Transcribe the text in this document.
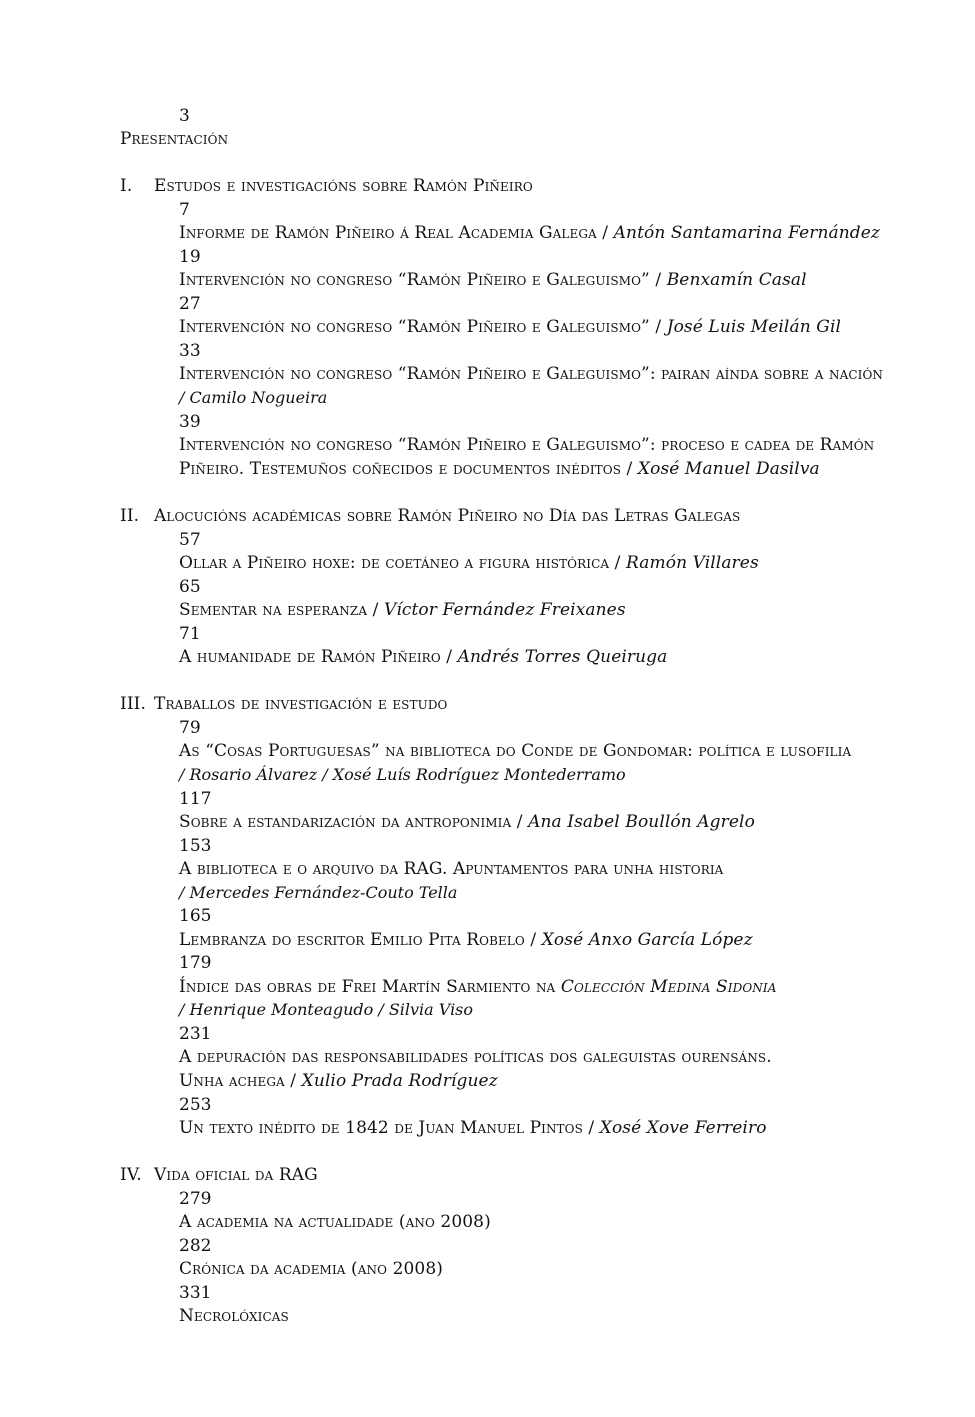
3
Presentación
I. Estudos e investigacións sobre Ramón Piñeiro
7
Informe de Ramón Piñeiro á Real Academia Galega / Antón Santamarina Fernández
19
Intervención no congreso “Ramón Piñeiro e Galeguismo” / Benxamín Casal
27
Intervención no congreso “Ramón Piñeiro e Galeguismo” / José Luis Meilán Gil
33
Intervención no congreso “Ramón Piñeiro e Galeguismo”: pairan aínda sobre a nación
/ Camilo Nogueira
39
Intervención no congreso “Ramón Piñeiro e Galeguismo”: proceso e cadea de Ramón
Piñeiro. Testemuños coñecidos e documentos inéditos / Xosé Manuel Dasilva
II. Alocucións académicas sobre Ramón Piñeiro no Día das Letras Galegas
57
Ollar a Piñeiro hoxe: de coetáneo a figura histórica / Ramón Villares
65
Sementar na esperanza / Víctor Fernández Freixanes
71
A humanidade de Ramón Piñeiro / Andrés Torres Queiruga
III. Traballos de investigación e estudo
79
As “Cosas Portuguesas” na biblioteca do Conde de Gondomar: política e lusofilia
/ Rosario Álvarez / Xosé Luís Rodríguez Montederramo
117
Sobre a estandarización da antroponimia / Ana Isabel Boullón Agrelo
153
A biblioteca e o arquivo da RAG. Apuntamentos para unha historia
/ Mercedes Fernández-Couto Tella
165
Lembranza do escritor Emilio Pita Robelo / Xosé Anxo García López
179
Índice das obras de Frei Martín Sarmiento na Colección Medina Sidonia
/ Henrique Monteagudo / Silvia Viso
231
A depuración das responsabilidades políticas dos galeguistas ourensáns.
Unha achega / Xulio Prada Rodríguez
253
Un texto inédito de 1842 de Juan Manuel Pintos / Xosé Xove Ferreiro
IV. Vida oficial da RAG
279
A academia na actualidade (ano 2008)
282
Crónica da academia (ano 2008)
331
Necrolóxicas
